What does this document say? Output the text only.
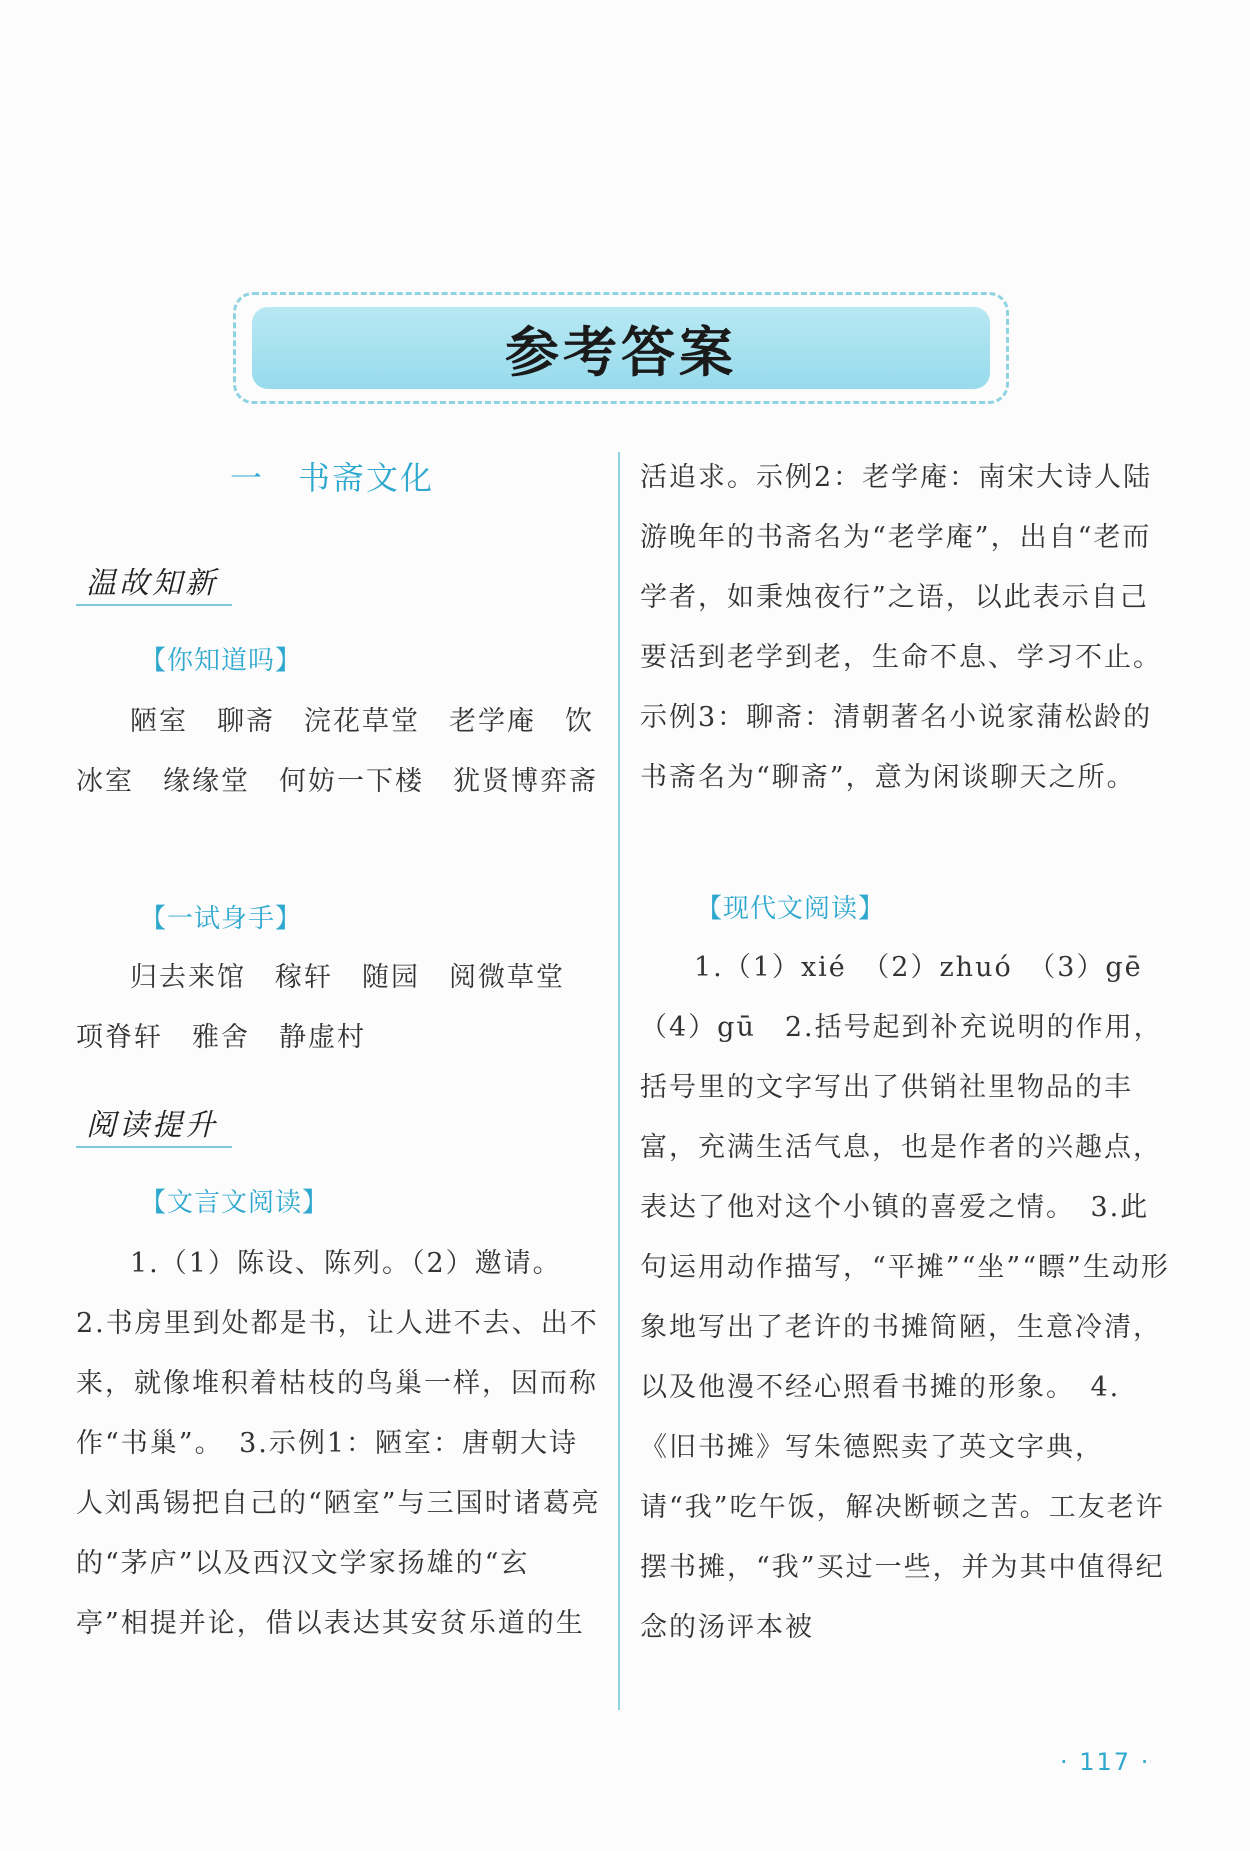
参考答案
一　书斋文化
温故知新
【你知道吗】
陋室　聊斋　浣花草堂　老学庵　饮冰室　缘缘堂　何妨一下楼　犹贤博弈斋
【一试身手】
归去来馆　稼轩　随园　阅微草堂　项脊轩　雅舍　静虚村
阅读提升
【文言文阅读】
1.（1）陈设、陈列。（2）邀请。　2.书房里到处都是书，让人进不去、出不来，就像堆积着枯枝的鸟巢一样，因而称作“书巢”。　3.示例1：陋室：唐朝大诗人刘禹锡把自己的“陋室”与三国时诸葛亮的“茅庐”以及西汉文学家扬雄的“玄亭”相提并论，借以表达其安贫乐道的生
活追求。示例2：老学庵：南宋大诗人陆游晚年的书斋名为“老学庵”，出自“老而学者，如秉烛夜行”之语，以此表示自己要活到老学到老，生命不息、学习不止。示例3：聊斋：清朝著名小说家蒲松龄的书斋名为“聊斋”，意为闲谈聊天之所。
【现代文阅读】
1.（1）xié　（2）zhuó　（3）gē　（4）gū　2.括号起到补充说明的作用，括号里的文字写出了供销社里物品的丰富，充满生活气息，也是作者的兴趣点，表达了他对这个小镇的喜爱之情。　3.此句运用动作描写，“平摊”“坐”“瞟”生动形象地写出了老许的书摊简陋，生意冷清，以及他漫不经心照看书摊的形象。　4.《旧书摊》写朱德熙卖了英文字典，请“我”吃午饭，解决断顿之苦。工友老许摆书摊，“我”买过一些，并为其中值得纪念的汤评本被
· 117 ·
